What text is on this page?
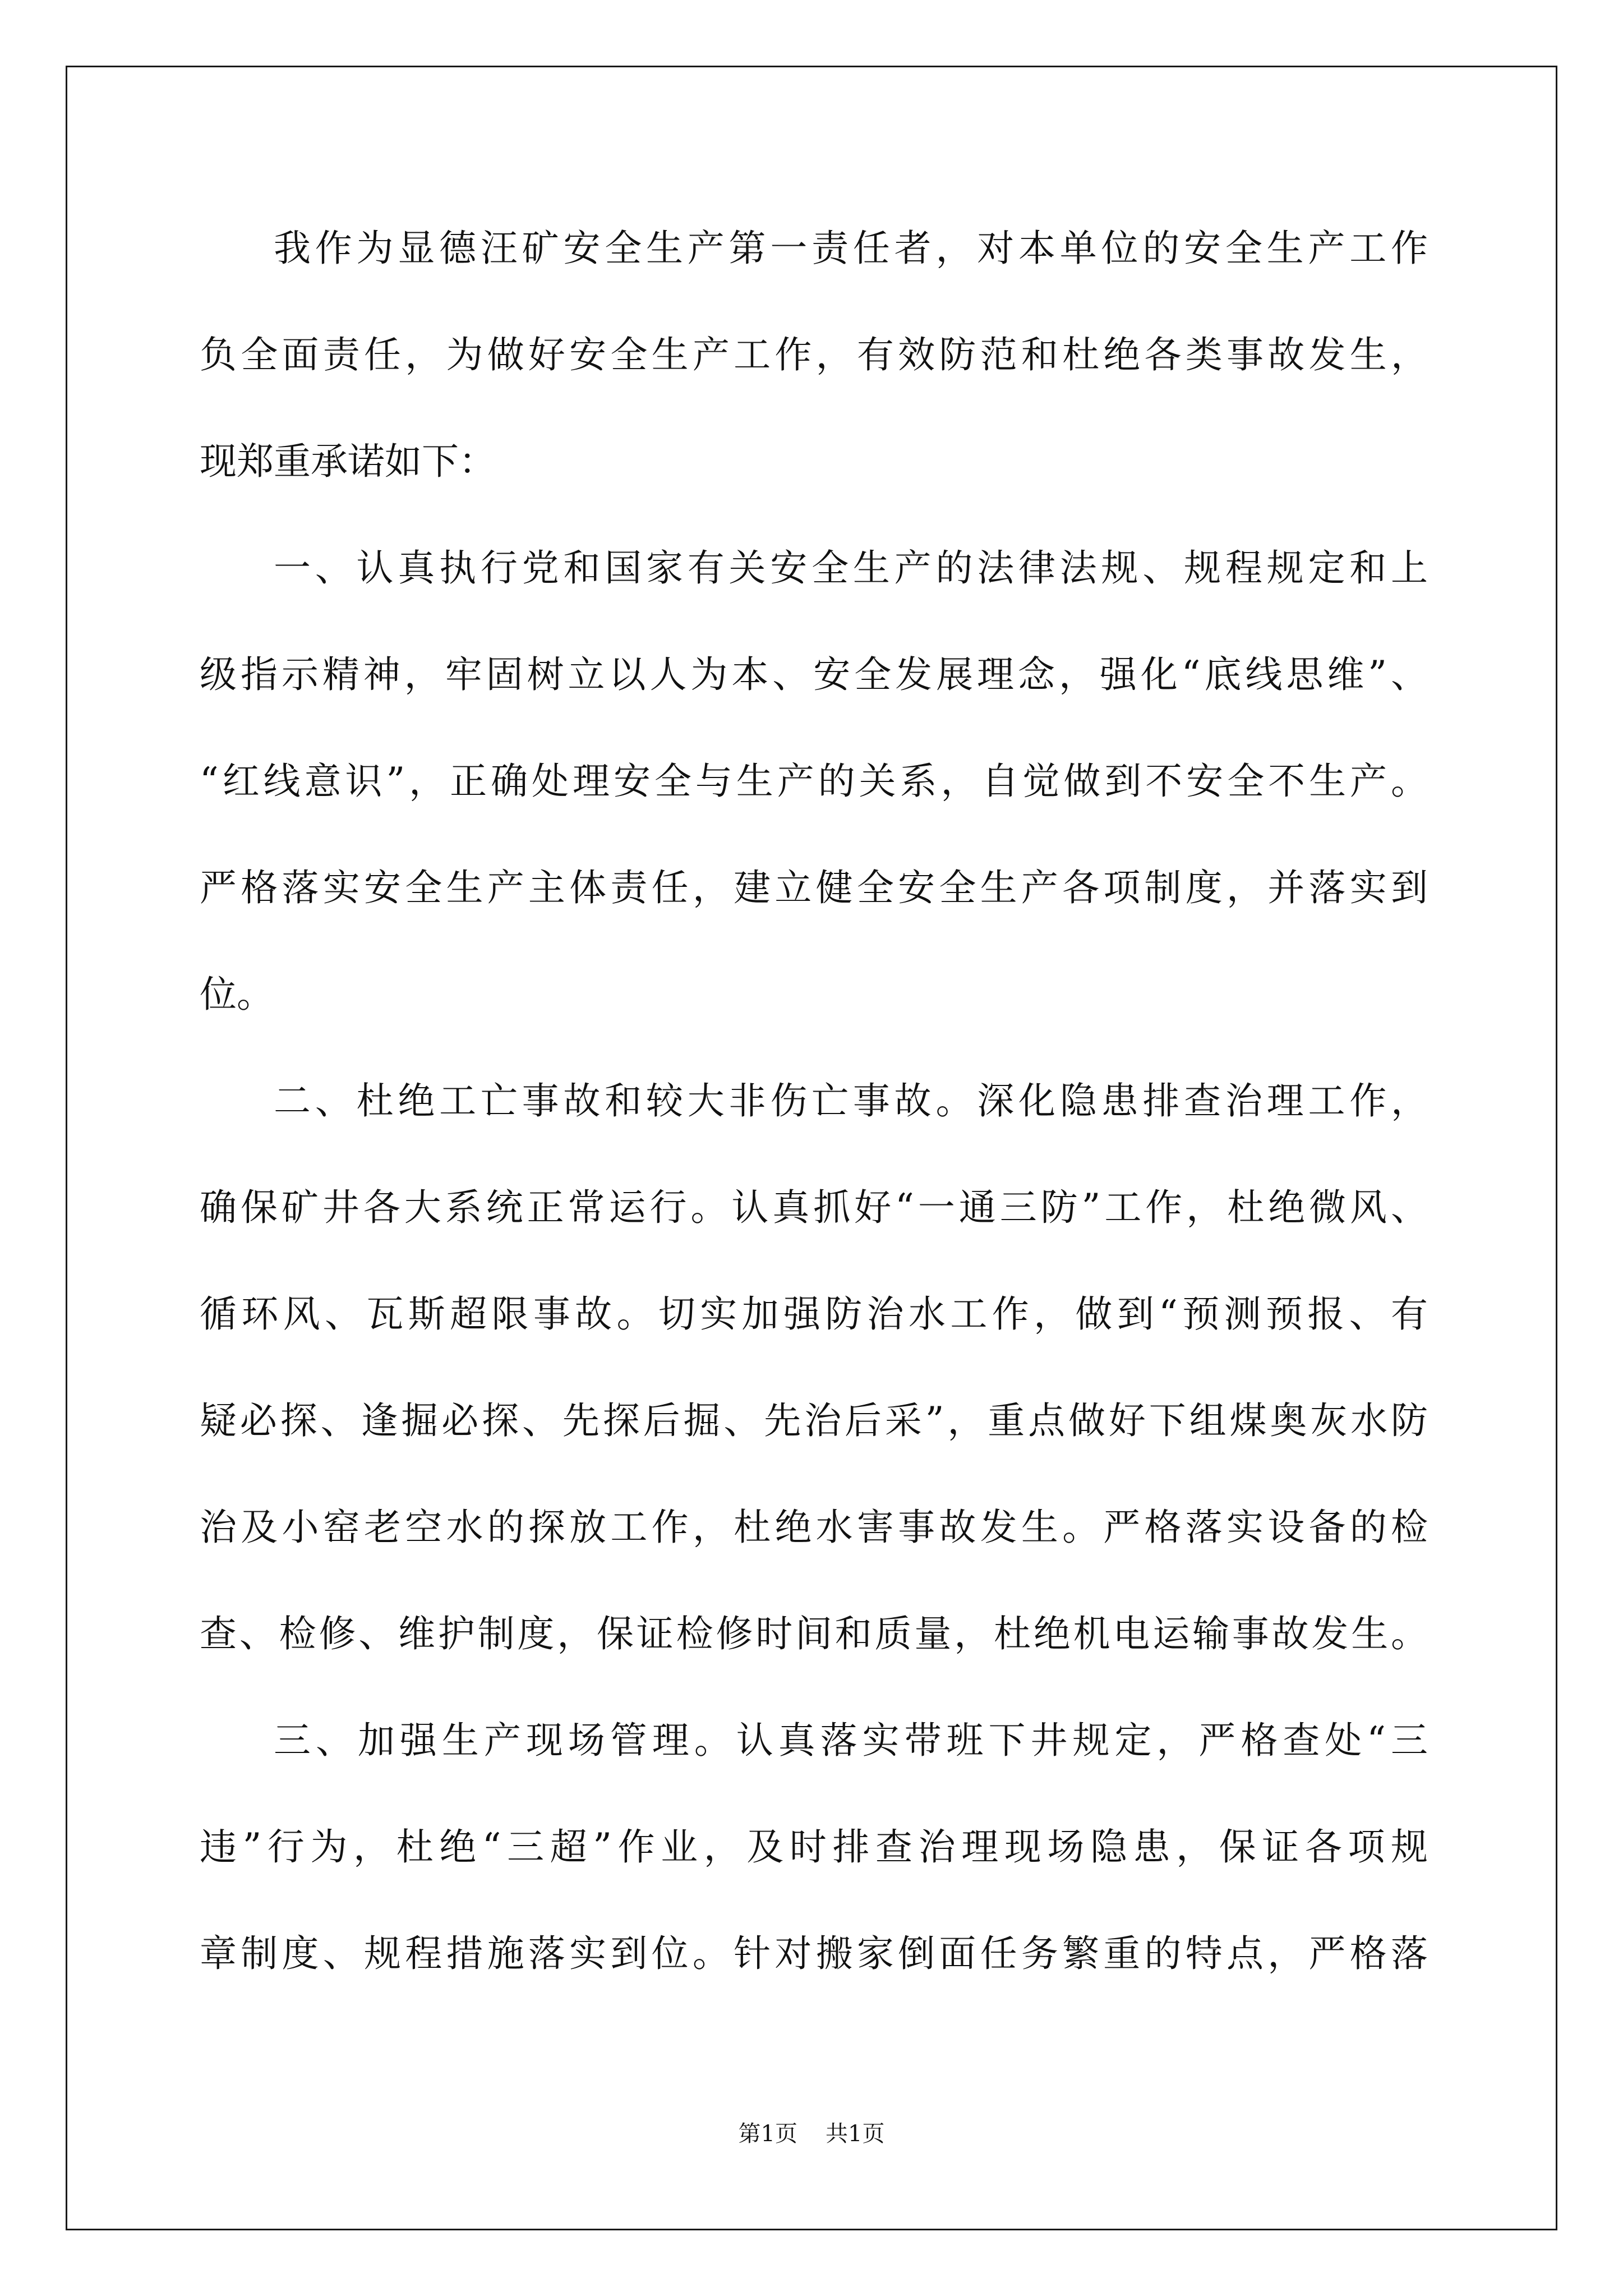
我作为显德汪矿安全生产第一责任者，对本单位的安全生产工作
负全面责任，为做好安全生产工作，有效防范和杜绝各类事故发生，
现郑重承诺如下：
一、认真执行党和国家有关安全生产的法律法规、规程规定和上
级指示精神，牢固树立以人为本、安全发展理念，强化“底线思维”、
“红线意识”，正确处理安全与生产的关系，自觉做到不安全不生产。
严格落实安全生产主体责任，建立健全安全生产各项制度，并落实到
位。
二、杜绝工亡事故和较大非伤亡事故。深化隐患排查治理工作，
确保矿井各大系统正常运行。认真抓好“一通三防”工作，杜绝微风、
循环风、瓦斯超限事故。切实加强防治水工作，做到“预测预报、有
疑必探、逢掘必探、先探后掘、先治后采”，重点做好下组煤奥灰水防
治及小窑老空水的探放工作，杜绝水害事故发生。严格落实设备的检
查、检修、维护制度，保证检修时间和质量，杜绝机电运输事故发生。
三、加强生产现场管理。认真落实带班下井规定，严格查处“三
违”行为，杜绝“三超”作业，及时排查治理现场隐患，保证各项规
章制度、规程措施落实到位。针对搬家倒面任务繁重的特点，严格落
第1页 共1页
